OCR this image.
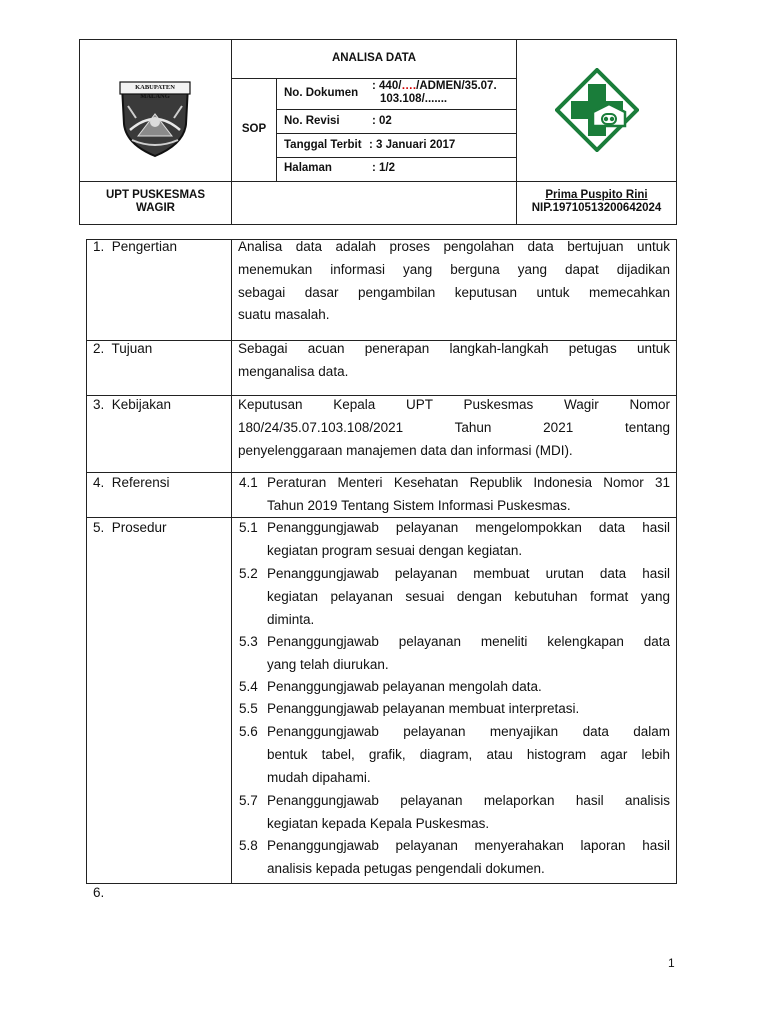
KABUPATEN MALANG
ANALISA DATA
SOP
No. Dokumen
: 440/…./ADMEN/35.07.
103.108/.......
No. Revisi	: 02
Tanggal Terbit : 3 Januari 2017
Halaman	: 1/2
UPT PUSKESMAS
WAGIR
Prima Puspito Rini
NIP.19710513200642024
1.  Pengertian
2.  Tujuan
3.  Kebijakan
4.  Referensi
5.  Prosedur
Analisa data adalah proses pengolahan data bertujuan untuk
menemukan informasi yang berguna yang dapat dijadikan
sebagai dasar pengambilan keputusan untuk memecahkan
suatu masalah.
Sebagai acuan penerapan langkah-langkah petugas untuk
menganalisa data.
Keputusan Kepala UPT Puskesmas Wagir Nomor
180/24/35.07.103.108/2021 Tahun 2021 tentang
penyelenggaraan manajemen data dan informasi (MDI).
4.1 Peraturan Menteri Kesehatan Republik Indonesia Nomor 31
Tahun 2019 Tentang Sistem Informasi Puskesmas.
5.1 Penanggungjawab pelayanan mengelompokkan data hasil
kegiatan program sesuai dengan kegiatan.
5.2 Penanggungjawab pelayanan membuat urutan data hasil
kegiatan pelayanan sesuai dengan kebutuhan format yang
diminta.
5.3 Penanggungjawab pelayanan meneliti kelengkapan data
yang telah diurukan.
5.4 Penanggungjawab pelayanan mengolah data.
5.5 Penanggungjawab pelayanan membuat interpretasi.
5.6 Penanggungjawab pelayanan menyajikan data dalam
bentuk tabel, grafik, diagram, atau histogram agar lebih
mudah dipahami.
5.7 Penanggungjawab pelayanan melaporkan hasil analisis
kegiatan kepada Kepala Puskesmas.
5.8 Penanggungjawab pelayanan menyerahakan laporan hasil
analisis kepada petugas pengendali dokumen.
6.
1
